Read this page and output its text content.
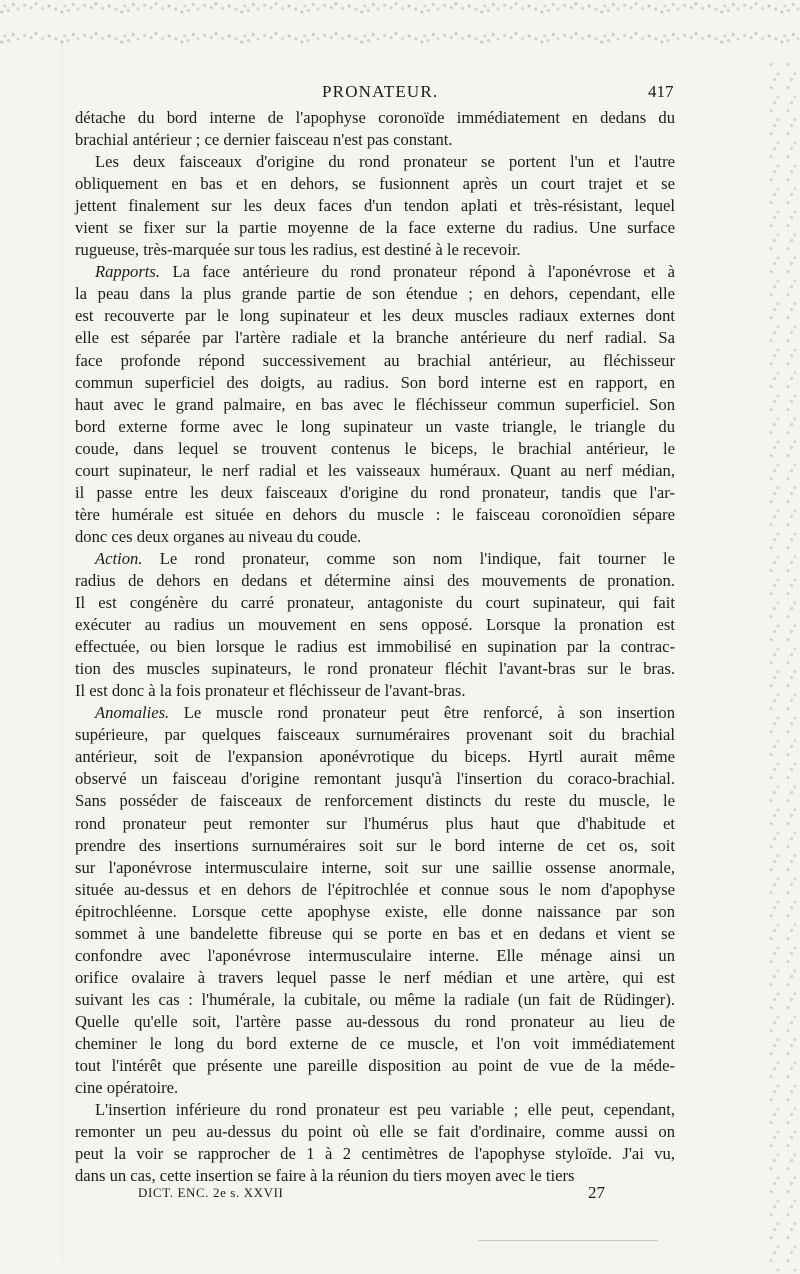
PRONATEUR.	417
détache du bord interne de l'apophyse coronoïde immédiatement en dedans du
brachial antérieur ; ce dernier faisceau n'est pas constant.
Les deux faisceaux d'origine du rond pronateur se portent l'un et l'autre
obliquement en bas et en dehors, se fusionnent après un court trajet et se
jettent finalement sur les deux faces d'un tendon aplati et très-résistant, lequel
vient se fixer sur la partie moyenne de la face externe du radius. Une surface
rugueuse, très-marquée sur tous les radius, est destiné à le recevoir.
Rapports. La face antérieure du rond pronateur répond à l'aponévrose et à
la peau dans la plus grande partie de son étendue ; en dehors, cependant, elle
est recouverte par le long supinateur et les deux muscles radiaux externes dont
elle est séparée par l'artère radiale et la branche antérieure du nerf radial. Sa
face profonde répond successivement au brachial antérieur, au fléchisseur
commun superficiel des doigts, au radius. Son bord interne est en rapport, en
haut avec le grand palmaire, en bas avec le fléchisseur commun superficiel. Son
bord externe forme avec le long supinateur un vaste triangle, le triangle du
coude, dans lequel se trouvent contenus le biceps, le brachial antérieur, le
court supinateur, le nerf radial et les vaisseaux huméraux. Quant au nerf médian,
il passe entre les deux faisceaux d'origine du rond pronateur, tandis que l'ar-
tère humérale est située en dehors du muscle : le faisceau coronoïdien sépare
donc ces deux organes au niveau du coude.
Action. Le rond pronateur, comme son nom l'indique, fait tourner le
radius de dehors en dedans et détermine ainsi des mouvements de pronation.
Il est congénère du carré pronateur, antagoniste du court supinateur, qui fait
exécuter au radius un mouvement en sens opposé. Lorsque la pronation est
effectuée, ou bien lorsque le radius est immobilisé en supination par la contrac-
tion des muscles supinateurs, le rond pronateur fléchit l'avant-bras sur le bras.
Il est donc à la fois pronateur et fléchisseur de l'avant-bras.
Anomalies. Le muscle rond pronateur peut être renforcé, à son insertion
supérieure, par quelques faisceaux surnuméraires provenant soit du brachial
antérieur, soit de l'expansion aponévrotique du biceps. Hyrtl aurait même
observé un faisceau d'origine remontant jusqu'à l'insertion du coraco-brachial.
Sans posséder de faisceaux de renforcement distincts du reste du muscle, le
rond pronateur peut remonter sur l'humérus plus haut que d'habitude et
prendre des insertions surnuméraires soit sur le bord interne de cet os, soit
sur l'aponévrose intermusculaire interne, soit sur une saillie ossense anormale,
située au-dessus et en dehors de l'épitrochlée et connue sous le nom d'apophyse
épitrochléenne. Lorsque cette apophyse existe, elle donne naissance par son
sommet à une bandelette fibreuse qui se porte en bas et en dedans et vient se
confondre avec l'aponévrose intermusculaire interne. Elle ménage ainsi un
orifice ovalaire à travers lequel passe le nerf médian et une artère, qui est
suivant les cas : l'humérale, la cubitale, ou même la radiale (un fait de Rüdinger).
Quelle qu'elle soit, l'artère passe au-dessous du rond pronateur au lieu de
cheminer le long du bord externe de ce muscle, et l'on voit immédiatement
tout l'intérêt que présente une pareille disposition au point de vue de la méde-
cine opératoire.
L'insertion inférieure du rond pronateur est peu variable ; elle peut, cependant,
remonter un peu au-dessus du point où elle se fait d'ordinaire, comme aussi on
peut la voir se rapprocher de 1 à 2 centimètres de l'apophyse styloïde. J'ai vu,
dans un cas, cette insertion se faire à la réunion du tiers moyen avec le tiers
DICT. ENC. 2e s. XXVII	27
